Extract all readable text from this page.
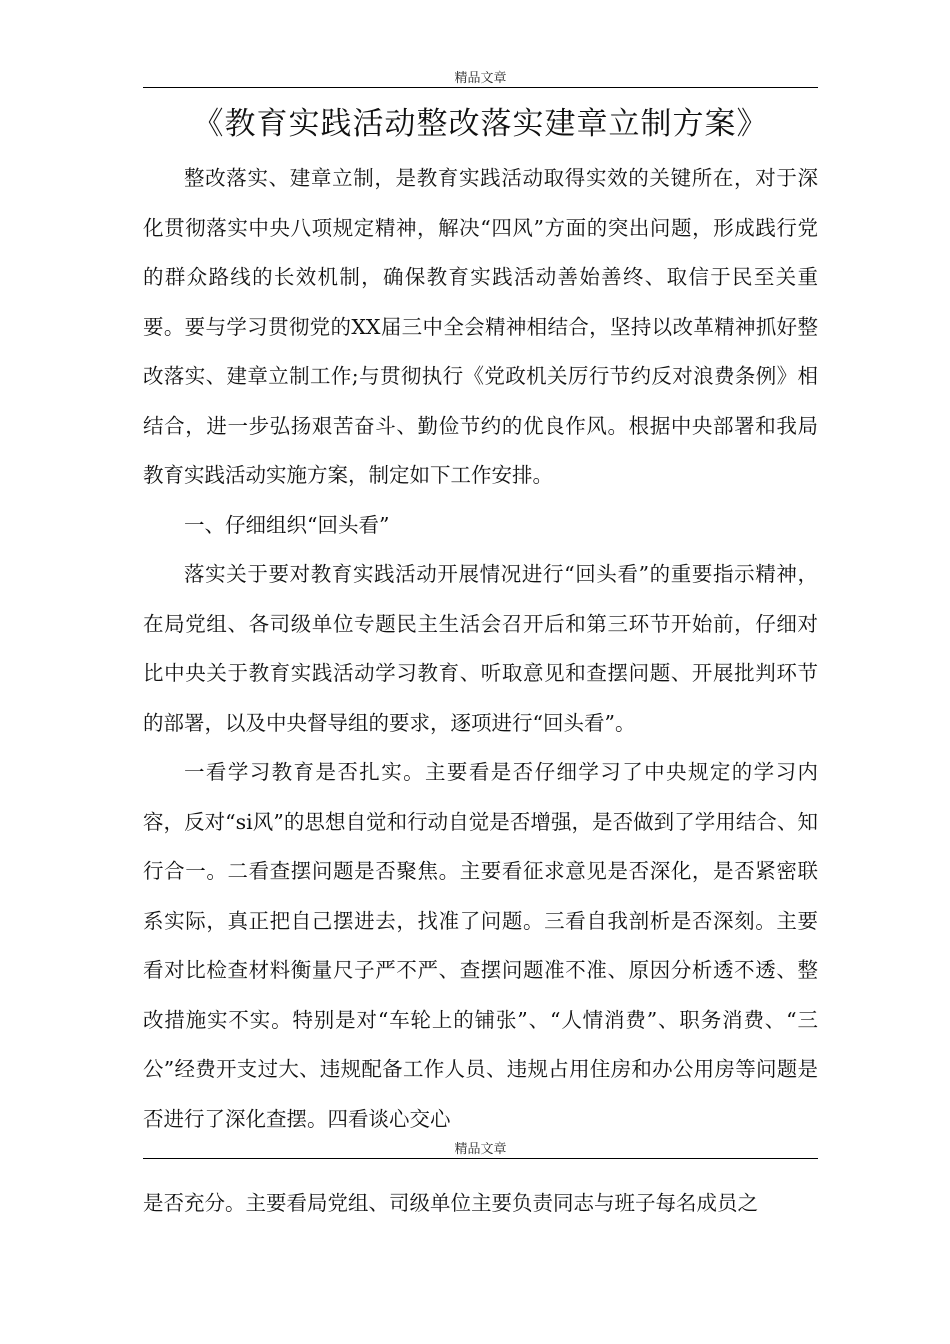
精品文章
《教育实践活动整改落实建章立制方案》

整改落实、建章立制，是教育实践活动取得实效的关键所在，对于深化贯彻落实中央八项规定精神，解决“四风”方面的突出问题，形成践行党的群众路线的长效机制，确保教育实践活动善始善终、取信于民至关重要。要与学习贯彻党的XX届三中全会精神相结合，坚持以改革精神抓好整改落实、建章立制工作;与贯彻执行《党政机关厉行节约反对浪费条例》相结合，进一步弘扬艰苦奋斗、勤俭节约的优良作风。根据中央部署和我局教育实践活动实施方案，制定如下工作安排。

一、仔细组织“回头看”

落实关于要对教育实践活动开展情况进行“回头看”的重要指示精神，在局党组、各司级单位专题民主生活会召开后和第三环节开始前，仔细对比中央关于教育实践活动学习教育、听取意见和查摆问题、开展批判环节的部署，以及中央督导组的要求，逐项进行“回头看”。

一看学习教育是否扎实。主要看是否仔细学习了中央规定的学习内容，反对“si风”的思想自觉和行动自觉是否增强，是否做到了学用结合、知行合一。二看查摆问题是否聚焦。主要看征求意见是否深化，是否紧密联系实际，真正把自己摆进去，找准了问题。三看自我剖析是否深刻。主要看对比检查材料衡量尺子严不严、查摆问题准不准、原因分析透不透、整改措施实不实。特别是对“车轮上的铺张”、“人情消费”、职务消费、“三公”经费开支过大、违规配备工作人员、违规占用住房和办公用房等问题是否进行了深化查摆。四看谈心交心

精品文章

是否充分。主要看局党组、司级单位主要负责同志与班子每名成员之
